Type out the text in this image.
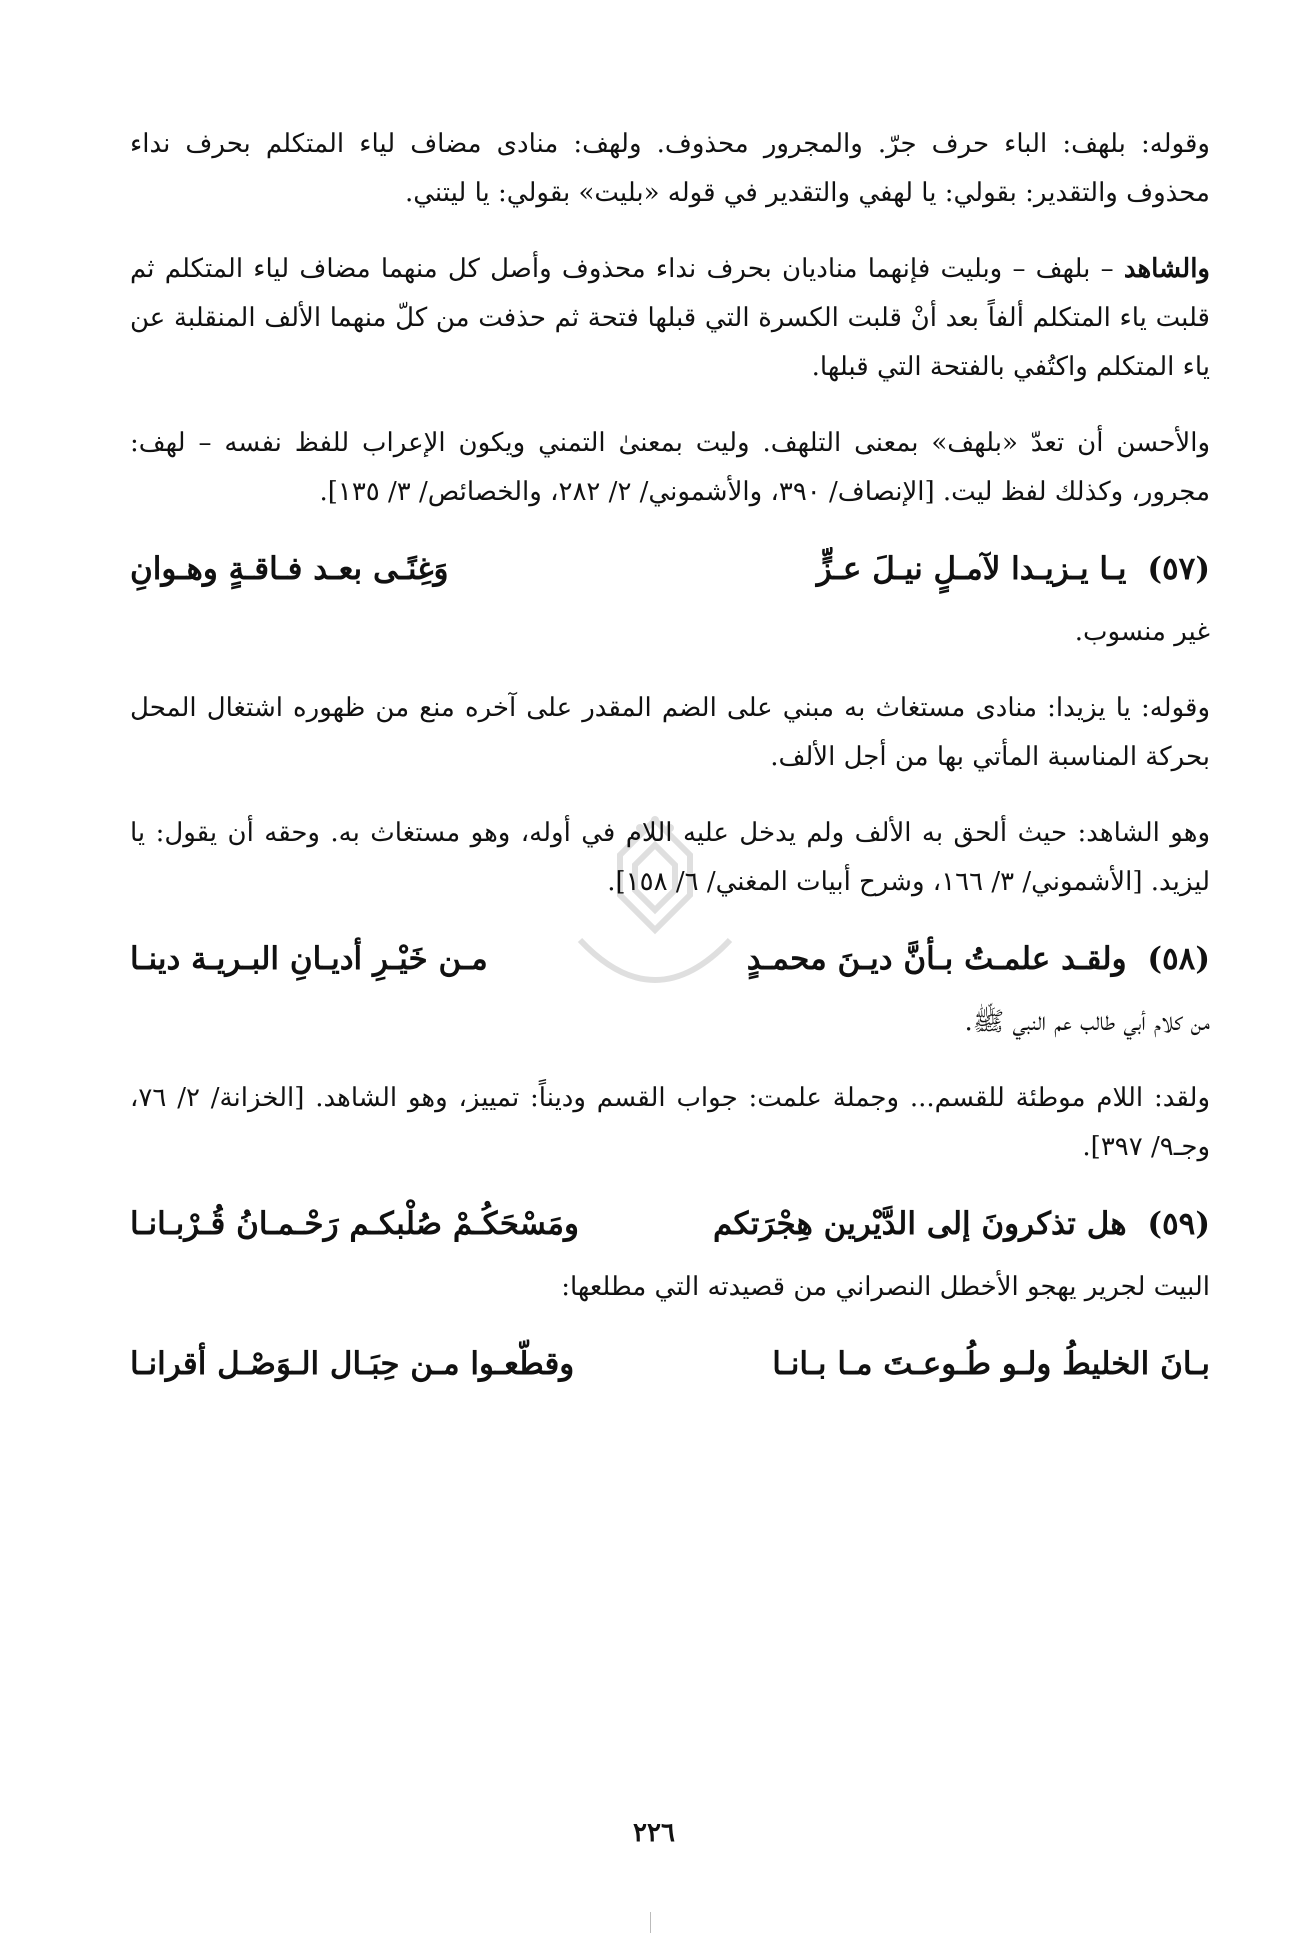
وقوله: بلهف: الباء حرف جرّ. والمجرور محذوف. ولهف: منادى مضاف لياء المتكلم بحرف نداء محذوف والتقدير: بقولي: يا لهفي والتقدير في قوله «بليت» بقولي: يا ليتني.

والشاهد – بلهف – وبليت فإنهما منادیان بحرف نداء محذوف وأصل كل منهما مضاف لياء المتكلم ثم قلبت ياء المتكلم ألفاً بعد أنْ قلبت الكسرة التي قبلها فتحة ثم حذفت من كلّ منهما الألف المنقلبة عن ياء المتكلم واكتُفي بالفتحة التي قبلها.

والأحسن أن تعدّ «بلهف» بمعنى التلهف. وليت بمعنىٰ التمني ويكون الإعراب للفظ نفسه – لهف: مجرور، وكذلك لفظ ليت. [الإنصاف/ ٣٩٠، والأشموني/ ٢/ ٢٨٢، والخصائص/ ٣/ ١٣٥].

(٥٧) يـا يـزيـدا لآمـلٍ نيـلَ عـزٍّ
وَغِنًـى بعـد فـاقـةٍ وهـوانِ

غير منسوب.

وقوله: يا يزيدا: منادى مستغاث به مبني على الضم المقدر على آخره منع من ظهوره اشتغال المحل بحركة المناسبة المأتي بها من أجل الألف.

وهو الشاهد: حيث ألحق به الألف ولم يدخل عليه اللام في أوله، وهو مستغاث به. وحقه أن يقول: يا ليزيد. [الأشموني/ ٣/ ١٦٦، وشرح أبيات المغني/ ٦/ ١٥٨].

(٥٨) ولقـد علمـتُ بـأنَّ ديـنَ محمـدٍ
مـن خَيْـرِ أديـانِ البـريـة دينـا

من كلام أبي طالب عم النبي ﷺ.

ولقد: اللام موطئة للقسم... وجملة علمت: جواب القسم ودیناً: تمییز، وهو الشاهد. [الخزانة/ ٢/ ٧٦، وجـ٩/ ٣٩٧].

(٥٩) هل تذكرونَ إلى الدَّيْرين هِجْرَتكم
ومَسْحَكُـمْ صُلْبكـم رَحْـمـانُ قُـرْبـانـا

البيت لجرير يهجو الأخطل النصراني من قصيدته التي مطلعها:

بـانَ الخليطُ ولـو طُـوعـتَ مـا بـانـا
وقطّعـوا مـن حِبَـال الـوَصْـل أقرانـا
٢٢٦
